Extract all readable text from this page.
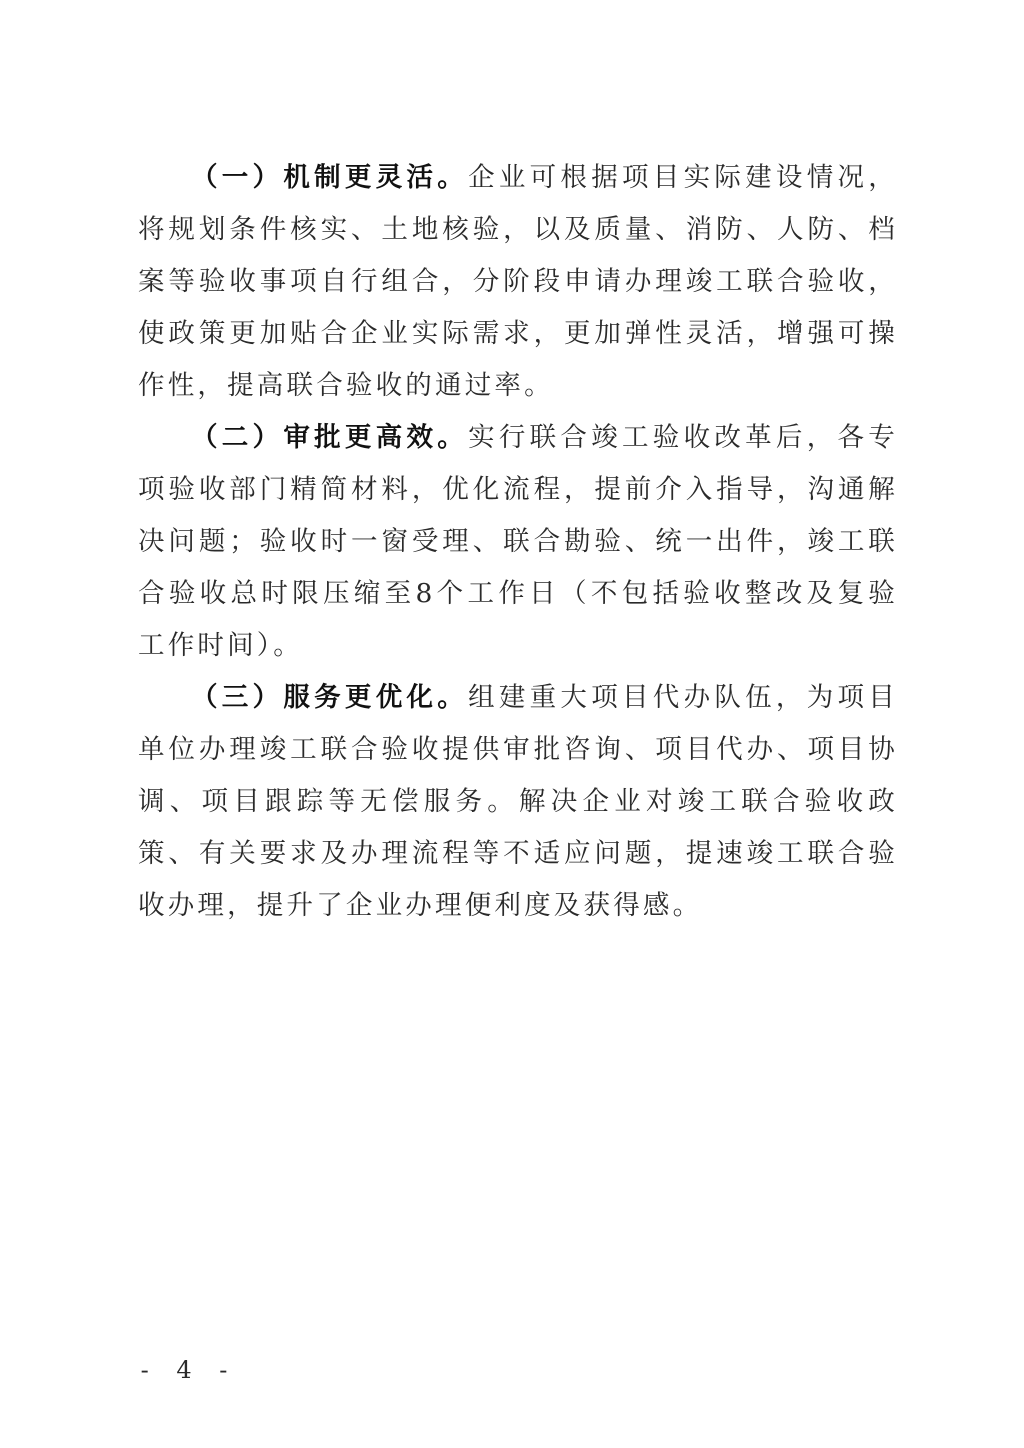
（一）机制更灵活。企业可根据项目实际建设情况，将规划条件核实、土地核验，以及质量、消防、人防、档案等验收事项自行组合，分阶段申请办理竣工联合验收，使政策更加贴合企业实际需求，更加弹性灵活，增强可操作性，提高联合验收的通过率。

（二）审批更高效。实行联合竣工验收改革后，各专项验收部门精简材料，优化流程，提前介入指导，沟通解决问题；验收时一窗受理、联合勘验、统一出件，竣工联合验收总时限压缩至8个工作日（不包括验收整改及复验工作时间）。

（三）服务更优化。组建重大项目代办队伍，为项目单位办理竣工联合验收提供审批咨询、项目代办、项目协调、项目跟踪等无偿服务。解决企业对竣工联合验收政策、有关要求及办理流程等不适应问题，提速竣工联合验收办理，提升了企业办理便利度及获得感。

- 4 -
